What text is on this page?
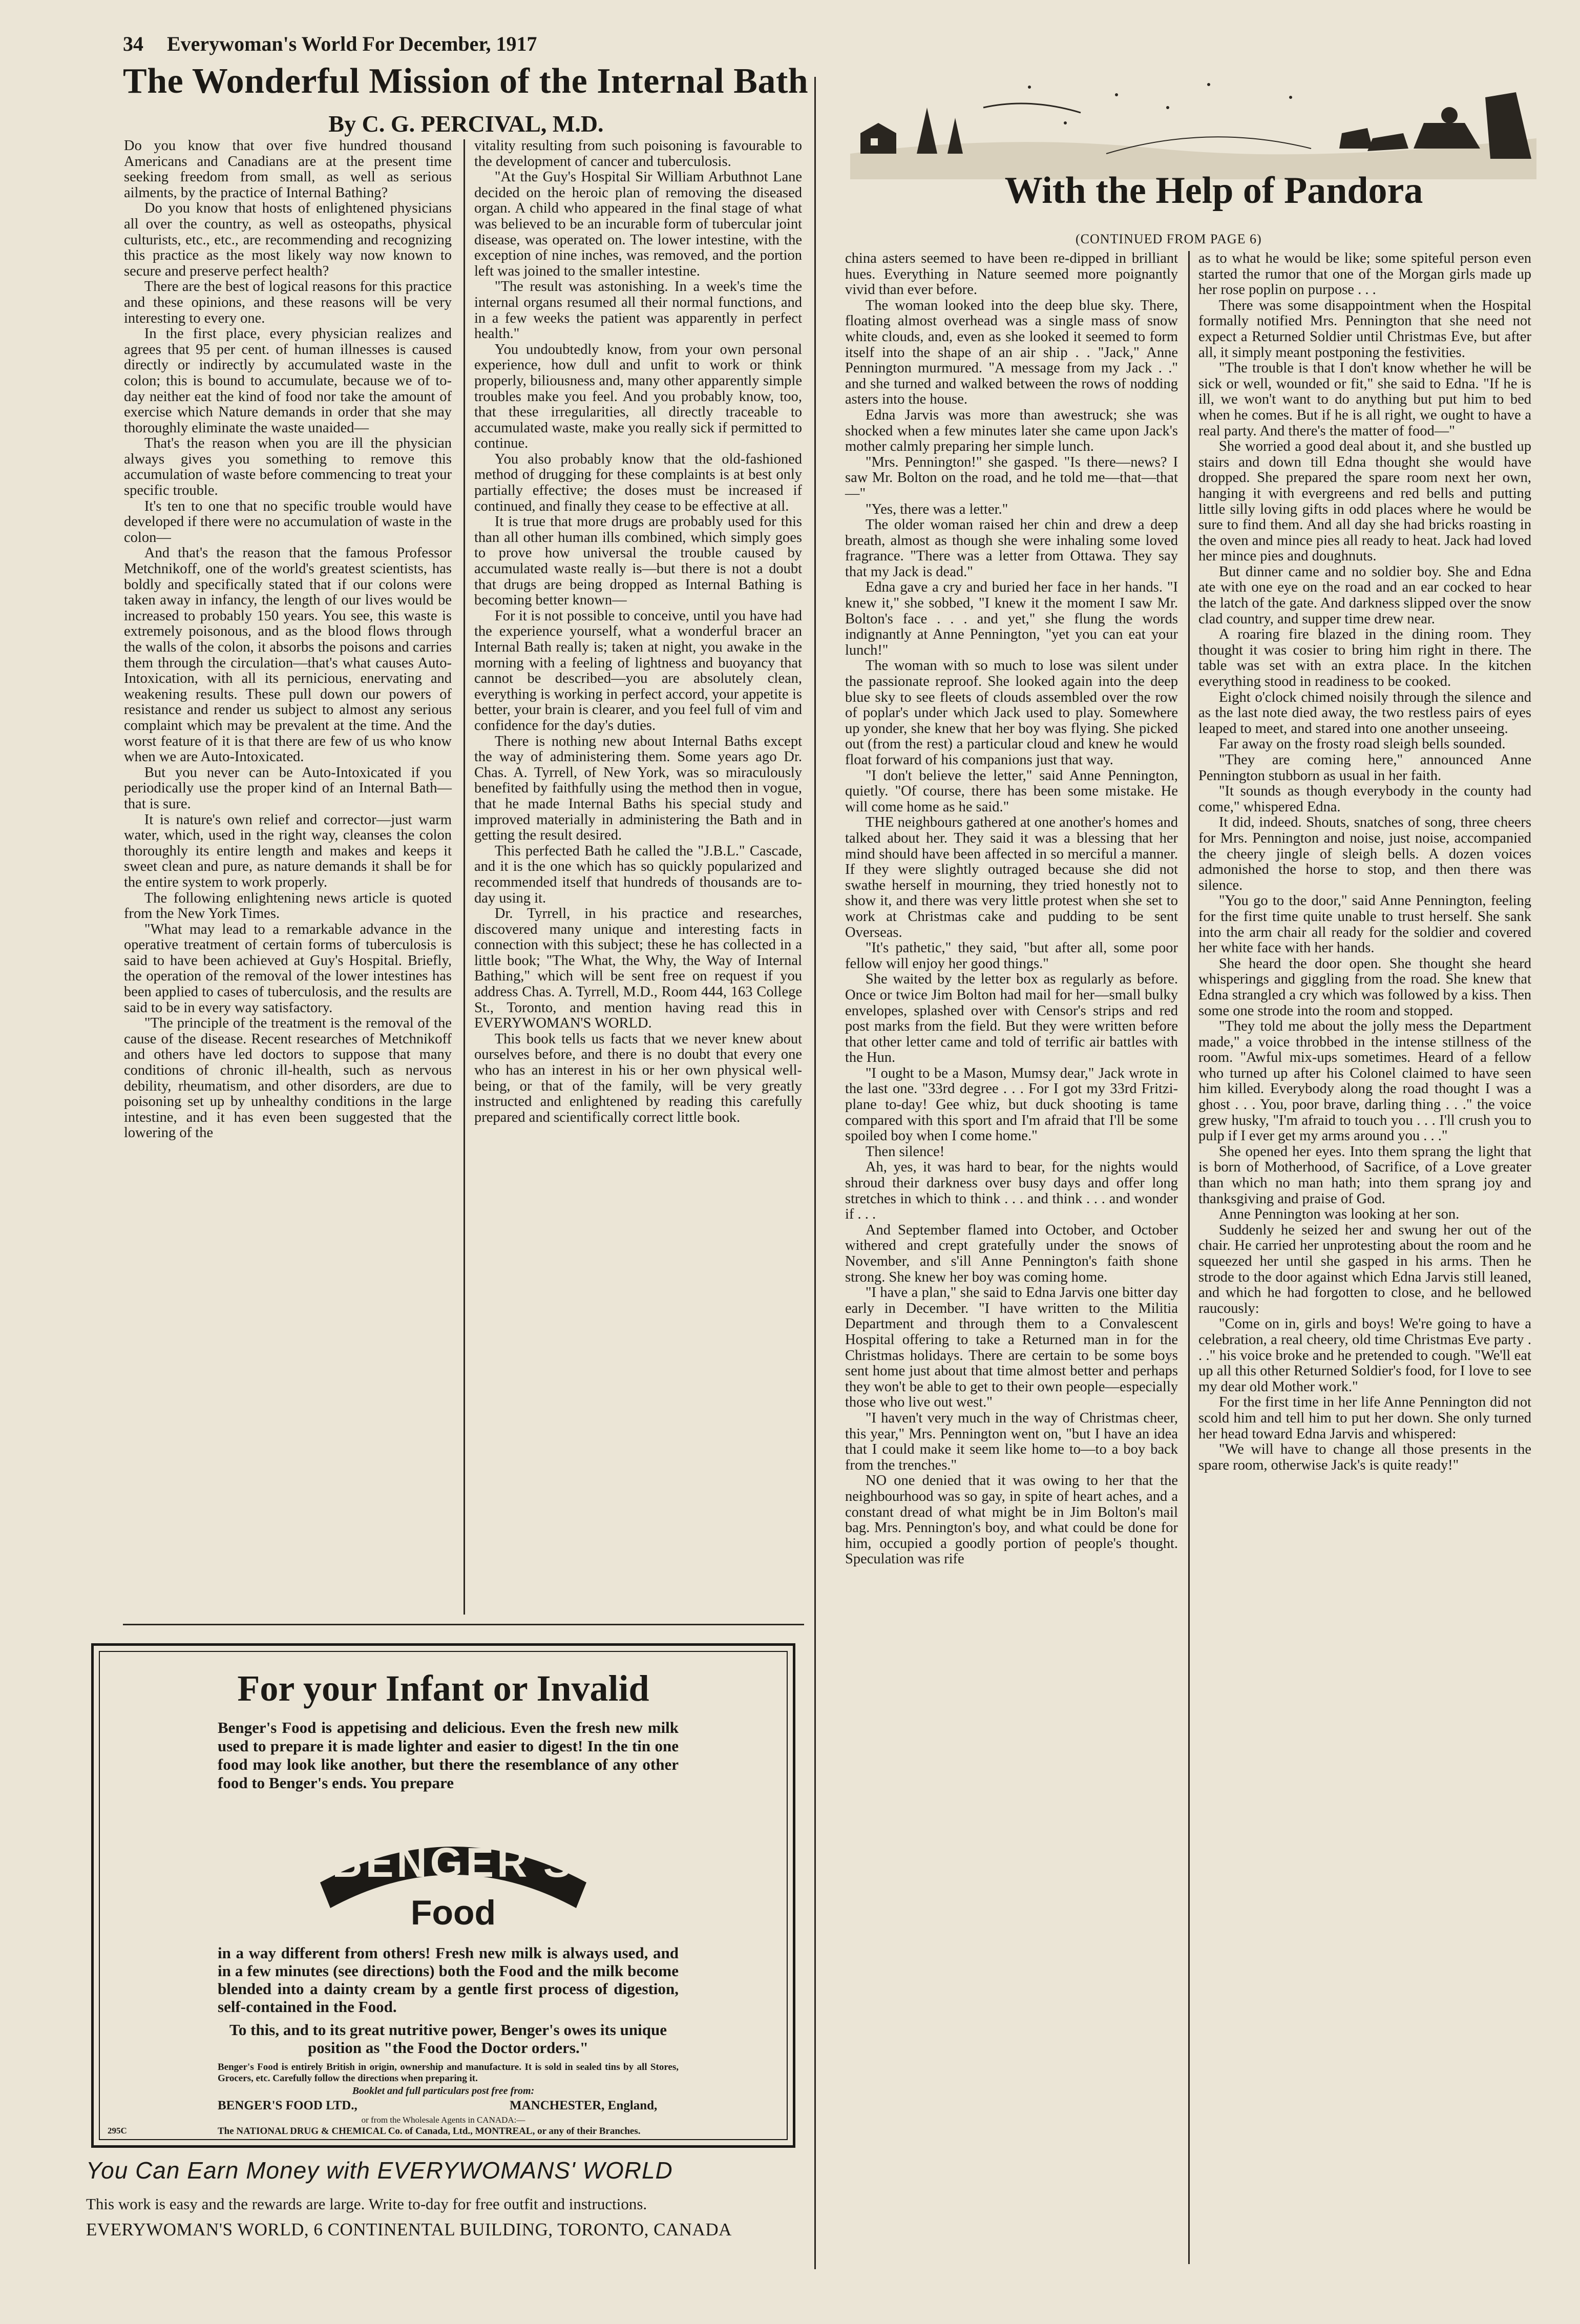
34 Everywoman's World For December, 1917
The Wonderful Mission of the Internal Bath
By C. G. PERCIVAL, M.D.

Do you know that over five hundred thousand Americans and Canadians are at the present time seeking freedom from small, as well as serious ailments, by the practice of Internal Bathing?

Do you know that hosts of enlightened physicians all over the country, as well as osteopaths, physical culturists, etc., etc., are recommending and recognizing this practice as the most likely way now known to secure and preserve perfect health?

There are the best of logical reasons for this practice and these opinions, and these reasons will be very interesting to every one.

In the first place, every physician realizes and agrees that 95 per cent. of human illnesses is caused directly or indirectly by accumulated waste in the colon; this is bound to accumulate, because we of to-day neither eat the kind of food nor take the amount of exercise which Nature demands in order that she may thoroughly eliminate the waste unaided—

That's the reason when you are ill the physician always gives you something to remove this accumulation of waste before commencing to treat your specific trouble.

It's ten to one that no specific trouble would have developed if there were no accumulation of waste in the colon—

And that's the reason that the famous Professor Metchnikoff, one of the world's greatest scientists, has boldly and specifically stated that if our colons were taken away in infancy, the length of our lives would be increased to probably 150 years. You see, this waste is extremely poisonous, and as the blood flows through the walls of the colon, it absorbs the poisons and carries them through the circulation—that's what causes Auto-Intoxication, with all its pernicious, enervating and weakening results. These pull down our powers of resistance and render us subject to almost any serious complaint which may be prevalent at the time. And the worst feature of it is that there are few of us who know when we are Auto-Intoxicated.

But you never can be Auto-Intoxicated if you periodically use the proper kind of an Internal Bath—that is sure.

It is nature's own relief and corrector—just warm water, which, used in the right way, cleanses the colon thoroughly its entire length and makes and keeps it sweet clean and pure, as nature demands it shall be for the entire system to work properly.

The following enlightening news article is quoted from the New York Times.

"What may lead to a remarkable advance in the operative treatment of certain forms of tuberculosis is said to have been achieved at Guy's Hospital. Briefly, the operation of the removal of the lower intestines has been applied to cases of tuberculosis, and the results are said to be in every way satisfactory.

"The principle of the treatment is the removal of the cause of the disease. Recent researches of Metchnikoff and others have led doctors to suppose that many conditions of chronic ill-health, such as nervous debility, rheumatism, and other disorders, are due to poisoning set up by unhealthy conditions in the large intestine, and it has even been suggested that the lowering of the

vitality resulting from such poisoning is favourable to the development of cancer and tuberculosis.

"At the Guy's Hospital Sir William Arbuthnot Lane decided on the heroic plan of removing the diseased organ. A child who appeared in the final stage of what was believed to be an incurable form of tubercular joint disease, was operated on. The lower intestine, with the exception of nine inches, was removed, and the portion left was joined to the smaller intestine.

"The result was astonishing. In a week's time the internal organs resumed all their normal functions, and in a few weeks the patient was apparently in perfect health."

You undoubtedly know, from your own personal experience, how dull and unfit to work or think properly, biliousness and, many other apparently simple troubles make you feel. And you probably know, too, that these irregularities, all directly traceable to accumulated waste, make you really sick if permitted to continue.

You also probably know that the old-fashioned method of drugging for these complaints is at best only partially effective; the doses must be increased if continued, and finally they cease to be effective at all.

It is true that more drugs are probably used for this than all other human ills combined, which simply goes to prove how universal the trouble caused by accumulated waste really is—but there is not a doubt that drugs are being dropped as Internal Bathing is becoming better known—

For it is not possible to conceive, until you have had the experience yourself, what a wonderful bracer an Internal Bath really is; taken at night, you awake in the morning with a feeling of lightness and buoyancy that cannot be described—you are absolutely clean, everything is working in perfect accord, your appetite is better, your brain is clearer, and you feel full of vim and confidence for the day's duties.

There is nothing new about Internal Baths except the way of administering them. Some years ago Dr. Chas. A. Tyrrell, of New York, was so miraculously benefited by faithfully using the method then in vogue, that he made Internal Baths his special study and improved materially in administering the Bath and in getting the result desired.

This perfected Bath he called the "J.B.L." Cascade, and it is the one which has so quickly popularized and recommended itself that hundreds of thousands are to-day using it.

Dr. Tyrrell, in his practice and researches, discovered many unique and interesting facts in connection with this subject; these he has collected in a little book; "The What, the Why, the Way of Internal Bathing," which will be sent free on request if you address Chas. A. Tyrrell, M.D., Room 444, 163 College St., Toronto, and mention having read this in EVERYWOMAN'S WORLD.

This book tells us facts that we never knew about ourselves before, and there is no doubt that every one who has an interest in his or her own physical well-being, or that of the family, will be very greatly instructed and enlightened by reading this carefully prepared and scientifically correct little book.

For your Infant or Invalid
Benger's Food is appetising and delicious. Even the fresh new milk used to prepare it is made lighter and easier to digest! In the tin one food may look like another, but there the resemblance of any other food to Benger's ends. You prepare
BENGER'S
Food
in a way different from others! Fresh new milk is always used, and in a few minutes (see directions) both the Food and the milk become blended into a dainty cream by a gentle first process of digestion, self-contained in the Food.
To this, and to its great nutritive power, Benger's owes its unique position as "the Food the Doctor orders."
Benger's Food is entirely British in origin, ownership and manufacture. It is sold in sealed tins by all Stores, Grocers, etc. Carefully follow the directions when preparing it.
Booklet and full particulars post free from:
BENGER'S FOOD LTD.,	MANCHESTER, England,
or from the Wholesale Agents in CANADA:—
295C	The NATIONAL DRUG & CHEMICAL Co. of Canada, Ltd., MONTREAL, or any of their Branches.
You Can Earn Money with EVERYWOMANS' WORLD
This work is easy and the rewards are large. Write to-day for free outfit and instructions.
EVERYWOMAN'S WORLD, 6 CONTINENTAL BUILDING, TORONTO, CANADA
With the Help of Pandora
(CONTINUED FROM PAGE 6)

china asters seemed to have been re-dipped in brilliant hues. Everything in Nature seemed more poignantly vivid than ever before.

The woman looked into the deep blue sky. There, floating almost overhead was a single mass of snow white clouds, and, even as she looked it seemed to form itself into the shape of an air ship . . "Jack," Anne Pennington murmured. "A message from my Jack . ." and she turned and walked between the rows of nodding asters into the house.

Edna Jarvis was more than awestruck; she was shocked when a few minutes later she came upon Jack's mother calmly preparing her simple lunch.

"Mrs. Pennington!" she gasped. "Is there—news? I saw Mr. Bolton on the road, and he told me—that—that—"

"Yes, there was a letter."

The older woman raised her chin and drew a deep breath, almost as though she were inhaling some loved fragrance. "There was a letter from Ottawa. They say that my Jack is dead."

Edna gave a cry and buried her face in her hands. "I knew it," she sobbed, "I knew it the moment I saw Mr. Bolton's face . . . and yet," she flung the words indignantly at Anne Pennington, "yet you can eat your lunch!"

The woman with so much to lose was silent under the passionate reproof. She looked again into the deep blue sky to see fleets of clouds assembled over the row of poplar's under which Jack used to play. Somewhere up yonder, she knew that her boy was flying. She picked out (from the rest) a particular cloud and knew he would float forward of his companions just that way.

"I don't believe the letter," said Anne Pennington, quietly. "Of course, there has been some mistake. He will come home as he said."

THE neighbours gathered at one another's homes and talked about her. They said it was a blessing that her mind should have been affected in so merciful a manner. If they were slightly outraged because she did not swathe herself in mourning, they tried honestly not to show it, and there was very little protest when she set to work at Christmas cake and pudding to be sent Overseas.

"It's pathetic," they said, "but after all, some poor fellow will enjoy her good things."

She waited by the letter box as regularly as before. Once or twice Jim Bolton had mail for her—small bulky envelopes, splashed over with Censor's strips and red post marks from the field. But they were written before that other letter came and told of terrific air battles with the Hun.

"I ought to be a Mason, Mumsy dear," Jack wrote in the last one. "33rd degree . . . For I got my 33rd Fritzi-plane to-day! Gee whiz, but duck shooting is tame compared with this sport and I'm afraid that I'll be some spoiled boy when I come home."

Then silence!

Ah, yes, it was hard to bear, for the nights would shroud their darkness over busy days and offer long stretches in which to think . . . and think . . . and wonder if . . .

And September flamed into October, and October withered and crept gratefully under the snows of November, and s'ill Anne Pennington's faith shone strong. She knew her boy was coming home.

"I have a plan," she said to Edna Jarvis one bitter day early in December. "I have written to the Militia Department and through them to a Convalescent Hospital offering to take a Returned man in for the Christmas holidays. There are certain to be some boys sent home just about that time almost better and perhaps they won't be able to get to their own people—especially those who live out west."

"I haven't very much in the way of Christmas cheer, this year," Mrs. Pennington went on, "but I have an idea that I could make it seem like home to—to a boy back from the trenches."

NO one denied that it was owing to her that the neighbourhood was so gay, in spite of heart aches, and a constant dread of what might be in Jim Bolton's mail bag. Mrs. Pennington's boy, and what could be done for him, occupied a goodly portion of people's thought. Speculation was rife

as to what he would be like; some spiteful person even started the rumor that one of the Morgan girls made up her rose poplin on purpose . . .

There was some disappointment when the Hospital formally notified Mrs. Pennington that she need not expect a Returned Soldier until Christmas Eve, but after all, it simply meant postponing the festivities.

"The trouble is that I don't know whether he will be sick or well, wounded or fit," she said to Edna. "If he is ill, we won't want to do anything but put him to bed when he comes. But if he is all right, we ought to have a real party. And there's the matter of food—"

She worried a good deal about it, and she bustled up stairs and down till Edna thought she would have dropped. She prepared the spare room next her own, hanging it with evergreens and red bells and putting little silly loving gifts in odd places where he would be sure to find them. And all day she had bricks roasting in the oven and mince pies all ready to heat. Jack had loved her mince pies and doughnuts.

But dinner came and no soldier boy. She and Edna ate with one eye on the road and an ear cocked to hear the latch of the gate. And darkness slipped over the snow clad country, and supper time drew near.

A roaring fire blazed in the dining room. They thought it was cosier to bring him right in there. The table was set with an extra place. In the kitchen everything stood in readiness to be cooked.

Eight o'clock chimed noisily through the silence and as the last note died away, the two restless pairs of eyes leaped to meet, and stared into one another unseeing.

Far away on the frosty road sleigh bells sounded.

"They are coming here," announced Anne Pennington stubborn as usual in her faith.

"It sounds as though everybody in the county had come," whispered Edna.

It did, indeed. Shouts, snatches of song, three cheers for Mrs. Pennington and noise, just noise, accompanied the cheery jingle of sleigh bells. A dozen voices admonished the horse to stop, and then there was silence.

"You go to the door," said Anne Pennington, feeling for the first time quite unable to trust herself. She sank into the arm chair all ready for the soldier and covered her white face with her hands.

She heard the door open. She thought she heard whisperings and giggling from the road. She knew that Edna strangled a cry which was followed by a kiss. Then some one strode into the room and stopped.

"They told me about the jolly mess the Department made," a voice throbbed in the intense stillness of the room. "Awful mix-ups sometimes. Heard of a fellow who turned up after his Colonel claimed to have seen him killed. Everybody along the road thought I was a ghost . . . You, poor brave, darling thing . . ." the voice grew husky, "I'm afraid to touch you . . . I'll crush you to pulp if I ever get my arms around you . . ."

She opened her eyes. Into them sprang the light that is born of Motherhood, of Sacrifice, of a Love greater than which no man hath; into them sprang joy and thanksgiving and praise of God.

Anne Pennington was looking at her son.

Suddenly he seized her and swung her out of the chair. He carried her unprotesting about the room and he squeezed her until she gasped in his arms. Then he strode to the door against which Edna Jarvis still leaned, and which he had forgotten to close, and he bellowed raucously:

"Come on in, girls and boys! We're going to have a celebration, a real cheery, old time Christmas Eve party . . ." his voice broke and he pretended to cough. "We'll eat up all this other Returned Soldier's food, for I love to see my dear old Mother work."

For the first time in her life Anne Pennington did not scold him and tell him to put her down. She only turned her head toward Edna Jarvis and whispered:

"We will have to change all those presents in the spare room, otherwise Jack's is quite ready!"
